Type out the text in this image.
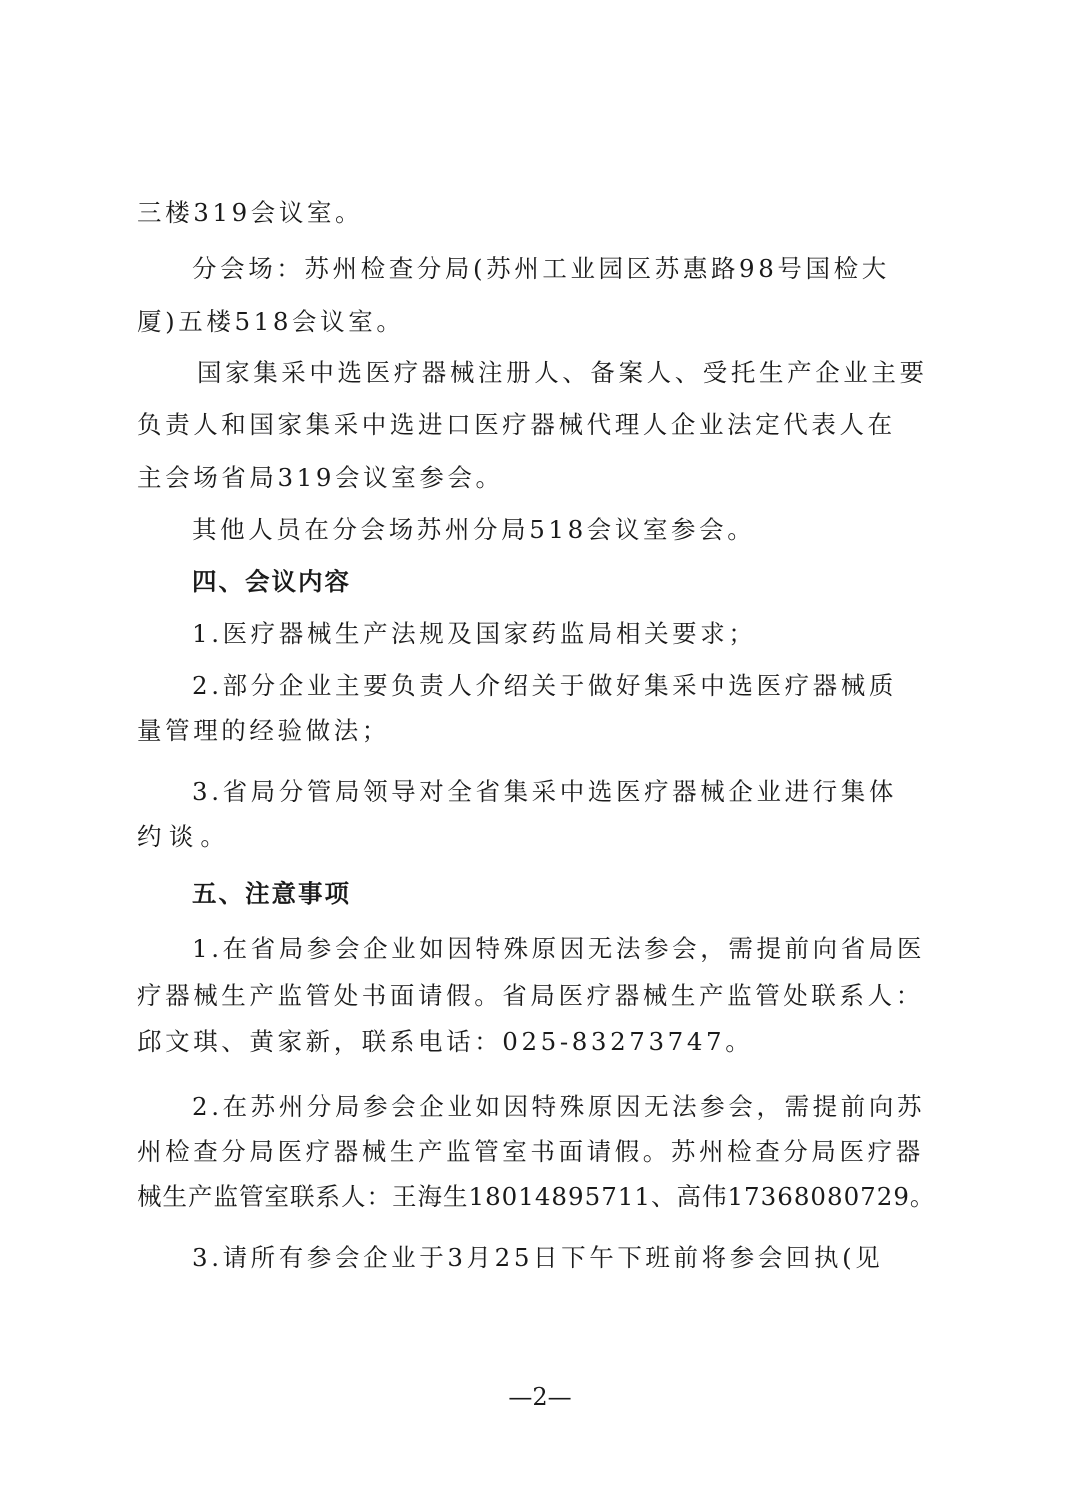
三楼319会议室。

分会场：苏州检查分局(苏州工业园区苏惠路98号国检大

厦)五楼518会议室。

国家集采中选医疗器械注册人、备案人、受托生产企业主要

负责人和国家集采中选进口医疗器械代理人企业法定代表人在

主会场省局319会议室参会。

其他人员在分会场苏州分局518会议室参会。

四、会议内容

1.医疗器械生产法规及国家药监局相关要求；

2.部分企业主要负责人介绍关于做好集采中选医疗器械质

量管理的经验做法；

3.省局分管局领导对全省集采中选医疗器械企业进行集体

约谈。

五、注意事项

1.在省局参会企业如因特殊原因无法参会，需提前向省局医

疗器械生产监管处书面请假。省局医疗器械生产监管处联系人：

邱文琪、黄家新，联系电话：025-83273747。

2.在苏州分局参会企业如因特殊原因无法参会，需提前向苏

州检查分局医疗器械生产监管室书面请假。苏州检查分局医疗器

械生产监管室联系人：王海生18014895711、高伟17368080729。

3.请所有参会企业于3月25日下午下班前将参会回执(见

—2—
